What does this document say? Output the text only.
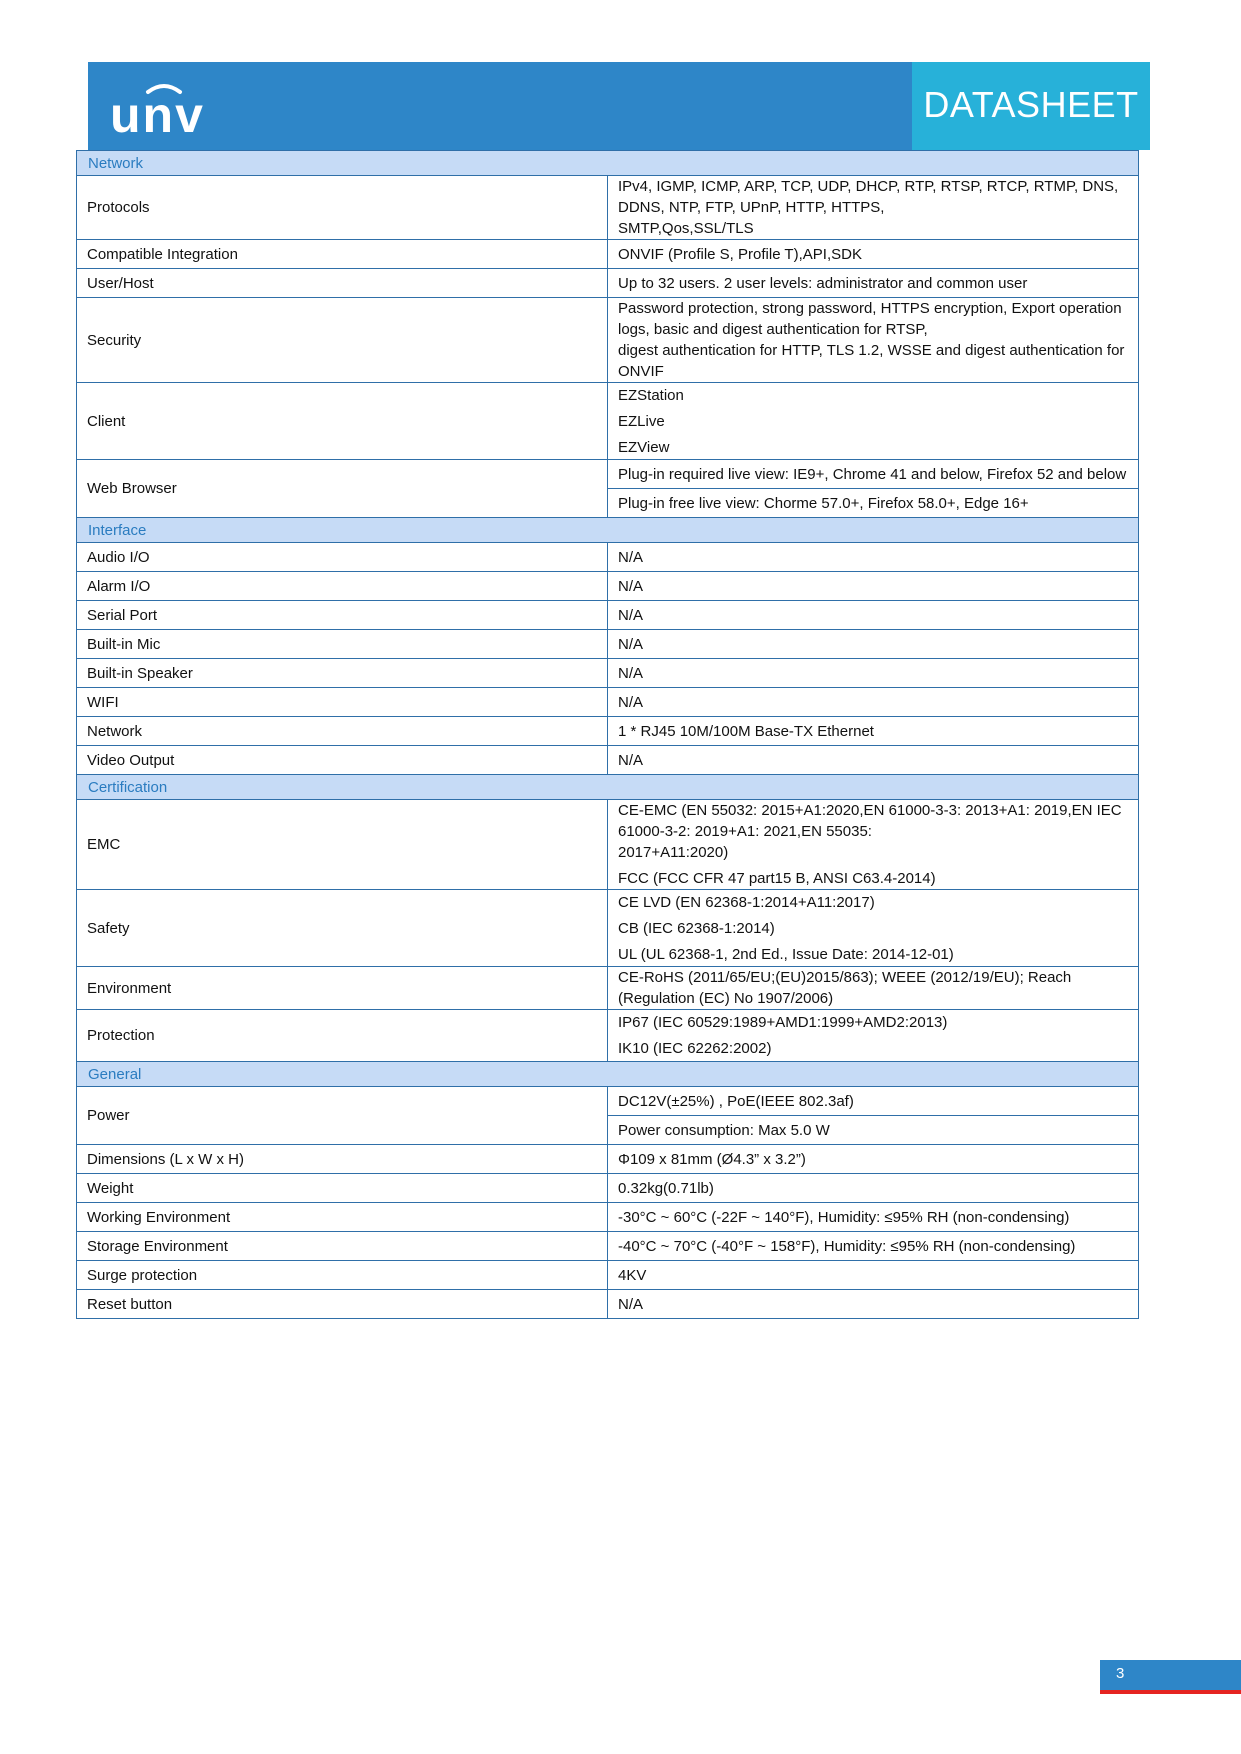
unv	DATASHEET
Network	
Protocols	IPv4, IGMP, ICMP, ARP, TCP, UDP, DHCP, RTP, RTSP, RTCP, RTMP, DNS, DDNS, NTP, FTP, UPnP, HTTP, HTTPS,
SMTP,Qos,SSL/TLS

Compatible Integration	ONVIF (Profile S, Profile T),API,SDK

User/Host	Up to 32 users. 2 user levels: administrator and common user

Security	Password protection, strong password, HTTPS encryption, Export operation logs, basic and digest authentication for RTSP,
digest authentication for HTTP, TLS 1.2, WSSE and digest authentication for ONVIF

Client	EZStation
EZLive
EZView

Web Browser	Plug-in required live view: IE9+, Chrome 41 and below, Firefox 52 and below
	Plug-in free live view: Chorme 57.0+, Firefox 58.0+, Edge 16+
Interface	
Audio I/O	N/A

Alarm I/O	N/A

Serial Port	N/A

Built-in Mic	N/A

Built-in Speaker	N/A

WIFI	N/A

Network	1 * RJ45 10M/100M Base-TX Ethernet

Video Output	N/A

Certification	
EMC	CE-EMC (EN 55032: 2015+A1:2020,EN 61000-3-3: 2013+A1: 2019,EN IEC 61000-3-2: 2019+A1: 2021,EN 55035:
2017+A11:2020)
FCC (FCC CFR 47 part15 B, ANSI C63.4-2014)

Safety	CE LVD (EN 62368-1:2014+A11:2017)
CB (IEC 62368-1:2014)
UL (UL 62368-1, 2nd Ed., Issue Date: 2014-12-01)

Environment	CE-RoHS (2011/65/EU;(EU)2015/863); WEEE (2012/19/EU); Reach (Regulation (EC) No 1907/2006)

Protection	IP67 (IEC 60529:1989+AMD1:1999+AMD2:2013)
IK10 (IEC 62262:2002)

General	
Power	DC12V(±25%) , PoE(IEEE 802.3af)
	Power consumption: Max 5.0 W
Dimensions (L x W x H)	Φ109 x 81mm (Ø4.3” x 3.2”)

Weight	0.32kg(0.71lb)

Working Environment	-30°C ~ 60°C (-22F ~ 140°F), Humidity: ≤95% RH (non-condensing)

Storage Environment	-40°C ~ 70°C (-40°F ~ 158°F), Humidity: ≤95% RH (non-condensing)

Surge protection	4KV

Reset button	N/A
3
